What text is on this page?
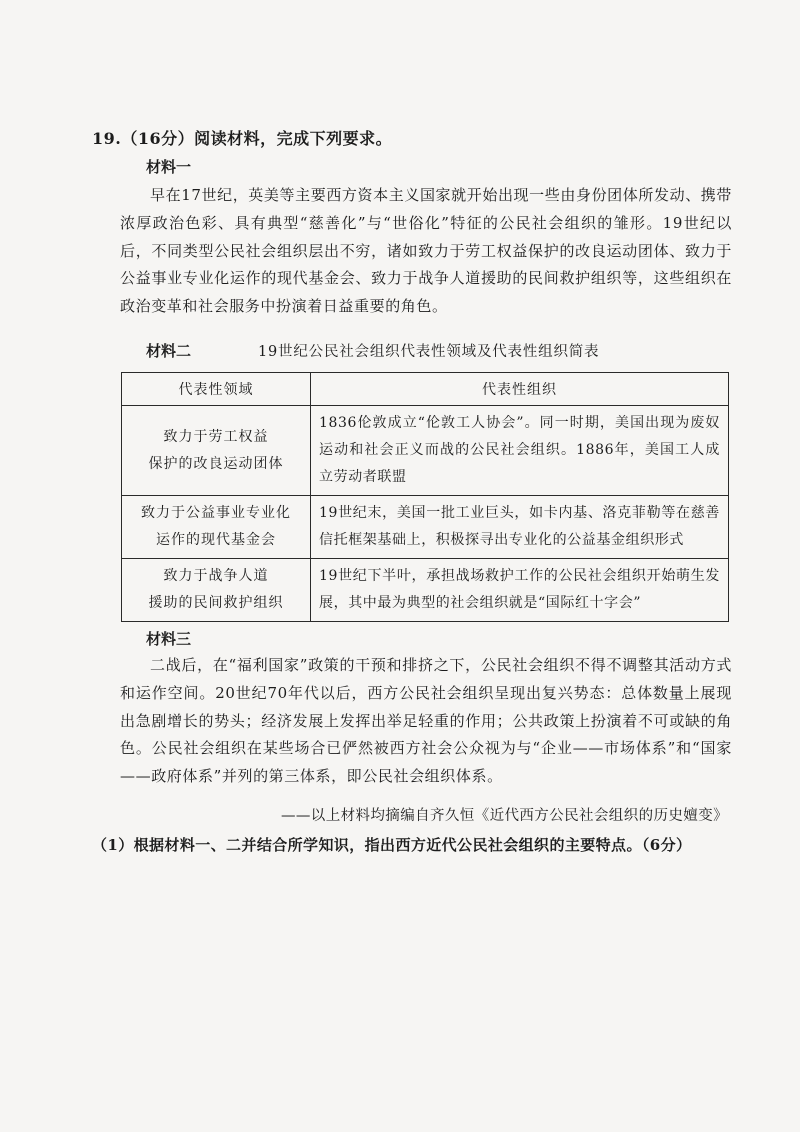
19.（16分）阅读材料，完成下列要求。
材料一
早在17世纪，英美等主要西方资本主义国家就开始出现一些由身份团体所发动、携带浓厚政治色彩、具有典型“慈善化”与“世俗化”特征的公民社会组织的雏形。19世纪以后，不同类型公民社会组织层出不穷，诸如致力于劳工权益保护的改良运动团体、致力于公益事业专业化运作的现代基金会、致力于战争人道援助的民间救护组织等，这些组织在政治变革和社会服务中扮演着日益重要的角色。
材料二	19世纪公民社会组织代表性领域及代表性组织简表
代表性领域	代表性组织

致力于劳工权益
保护的改良运动团体	1836伦敦成立“伦敦工人协会”。同一时期，美国出现为废奴运动和社会正义而战的公民社会组织。1886年，美国工人成立劳动者联盟

致力于公益事业专业化
运作的现代基金会	19世纪末，美国一批工业巨头，如卡内基、洛克菲勒等在慈善信托框架基础上，积极探寻出专业化的公益基金组织形式

致力于战争人道
援助的民间救护组织	19世纪下半叶，承担战场救护工作的公民社会组织开始萌生发展，其中最为典型的社会组织就是“国际红十字会”
材料三
二战后，在“福利国家”政策的干预和排挤之下，公民社会组织不得不调整其活动方式和运作空间。20世纪70年代以后，西方公民社会组织呈现出复兴势态：总体数量上展现出急剧增长的势头；经济发展上发挥出举足轻重的作用；公共政策上扮演着不可或缺的角色。公民社会组织在某些场合已俨然被西方社会公众视为与“企业——市场体系”和“国家——政府体系”并列的第三体系，即公民社会组织体系。
——以上材料均摘编自齐久恒《近代西方公民社会组织的历史嬗变》
（1）根据材料一、二并结合所学知识，指出西方近代公民社会组织的主要特点。（6分）
